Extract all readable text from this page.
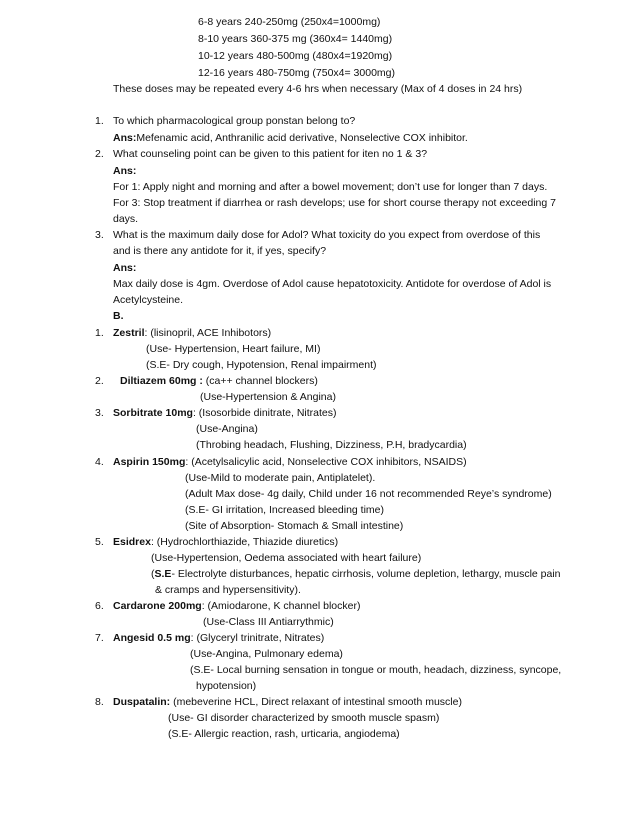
6-8 years 240-250mg (250x4=1000mg)
8-10 years 360-375 mg (360x4= 1440mg)
10-12 years 480-500mg (480x4=1920mg)
12-16 years 480-750mg (750x4= 3000mg)
These doses may be repeated every 4-6 hrs when necessary (Max of 4 doses in 24 hrs)
1. To which pharmacological group ponstan belong to?
Ans:Mefenamic acid, Anthranilic acid derivative, Nonselective COX inhibitor.
2. What counseling point can be given to this patient for iten no 1 & 3?
Ans:
For 1: Apply night and morning and after a bowel movement; don’t use for longer than 7 days.
For 3: Stop treatment if diarrhea or rash develops; use for short course therapy not exceeding 7
days.
3. What is the maximum daily dose for Adol? What toxicity do you expect from overdose of this
and is there any antidote for it, if yes, specify?
Ans:
Max daily dose is 4gm. Overdose of Adol cause hepatotoxicity. Antidote for overdose of Adol is
Acetylcysteine.
B.
1. Zestril: (lisinopril, ACE Inhibotors)
(Use- Hypertension, Heart failure, MI)
(S.E- Dry cough, Hypotension, Renal impairment)
2. Diltiazem 60mg : (ca++ channel blockers)
(Use-Hypertension & Angina)
3. Sorbitrate 10mg: (Isosorbide dinitrate, Nitrates)
(Use-Angina)
(Throbing headach, Flushing, Dizziness, P.H, bradycardia)
4. Aspirin 150mg: (Acetylsalicylic acid, Nonselective COX inhibitors, NSAIDS)
(Use-Mild to moderate pain, Antiplatelet).
(Adult Max dose- 4g daily, Child under 16 not recommended Reye’s syndrome)
(S.E- GI irritation, Increased bleeding time)
(Site of Absorption- Stomach & Small intestine)
5. Esidrex: (Hydrochlorthiazide, Thiazide diuretics)
(Use-Hypertension, Oedema associated with heart failure)
(S.E- Electrolyte disturbances, hepatic cirrhosis, volume depletion, lethargy, muscle pain
& cramps and hypersensitivity).
6. Cardarone 200mg: (Amiodarone, K channel blocker)
(Use-Class III Antiarrythmic)
7. Angesid 0.5 mg: (Glyceryl trinitrate, Nitrates)
(Use-Angina, Pulmonary edema)
(S.E- Local burning sensation in tongue or mouth, headach, dizziness, syncope,
hypotension)
8. Duspatalin: (mebeverine HCL, Direct relaxant of intestinal smooth muscle)
(Use- GI disorder characterized by smooth muscle spasm)
(S.E- Allergic reaction, rash, urticaria, angiodema)
